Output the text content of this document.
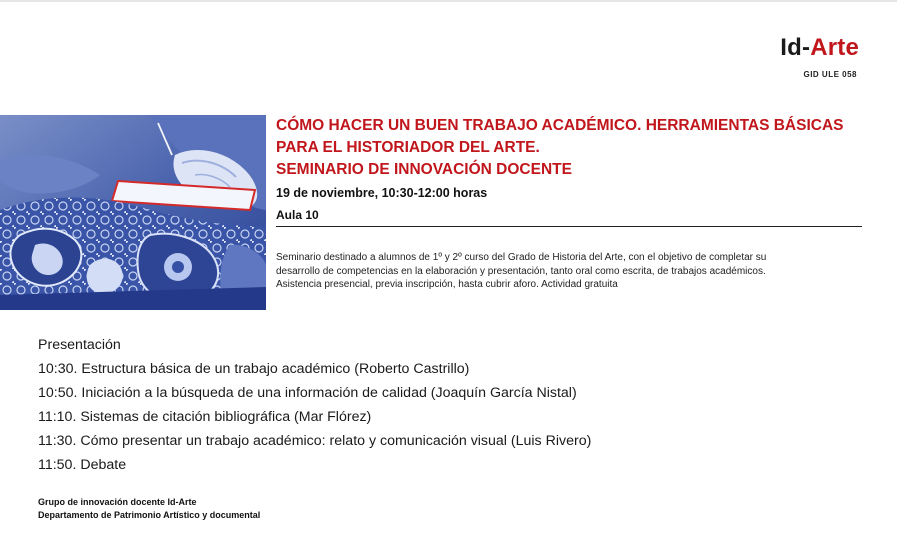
Id-Arte
GID ULE 058
CÓMO HACER UN BUEN TRABAJO ACADÉMICO. HERRAMIENTAS BÁSICAS
PARA EL HISTORIADOR DEL ARTE.
SEMINARIO DE INNOVACIÓN DOCENTE
19 de noviembre, 10:30-12:00 horas
Aula 10

Seminario destinado a alumnos de 1º y 2º curso del Grado de Historia del Arte, con el objetivo de completar su

desarrollo de competencias en la elaboración y presentación, tanto oral como escrita, de trabajos académicos.

Asistencia presencial, previa inscripción, hasta cubrir aforo. Actividad gratuita

Presentación
10:30. Estructura básica de un trabajo académico (Roberto Castrillo)
10:50. Iniciación a la búsqueda de una información de calidad (Joaquín García Nistal)
11:10. Sistemas de citación bibliográfica (Mar Flórez)
11:30. Cómo presentar un trabajo académico: relato y comunicación visual (Luis Rivero)
11:50. Debate
Grupo de innovación docente Id-Arte
Departamento de Patrimonio Artístico y documental
